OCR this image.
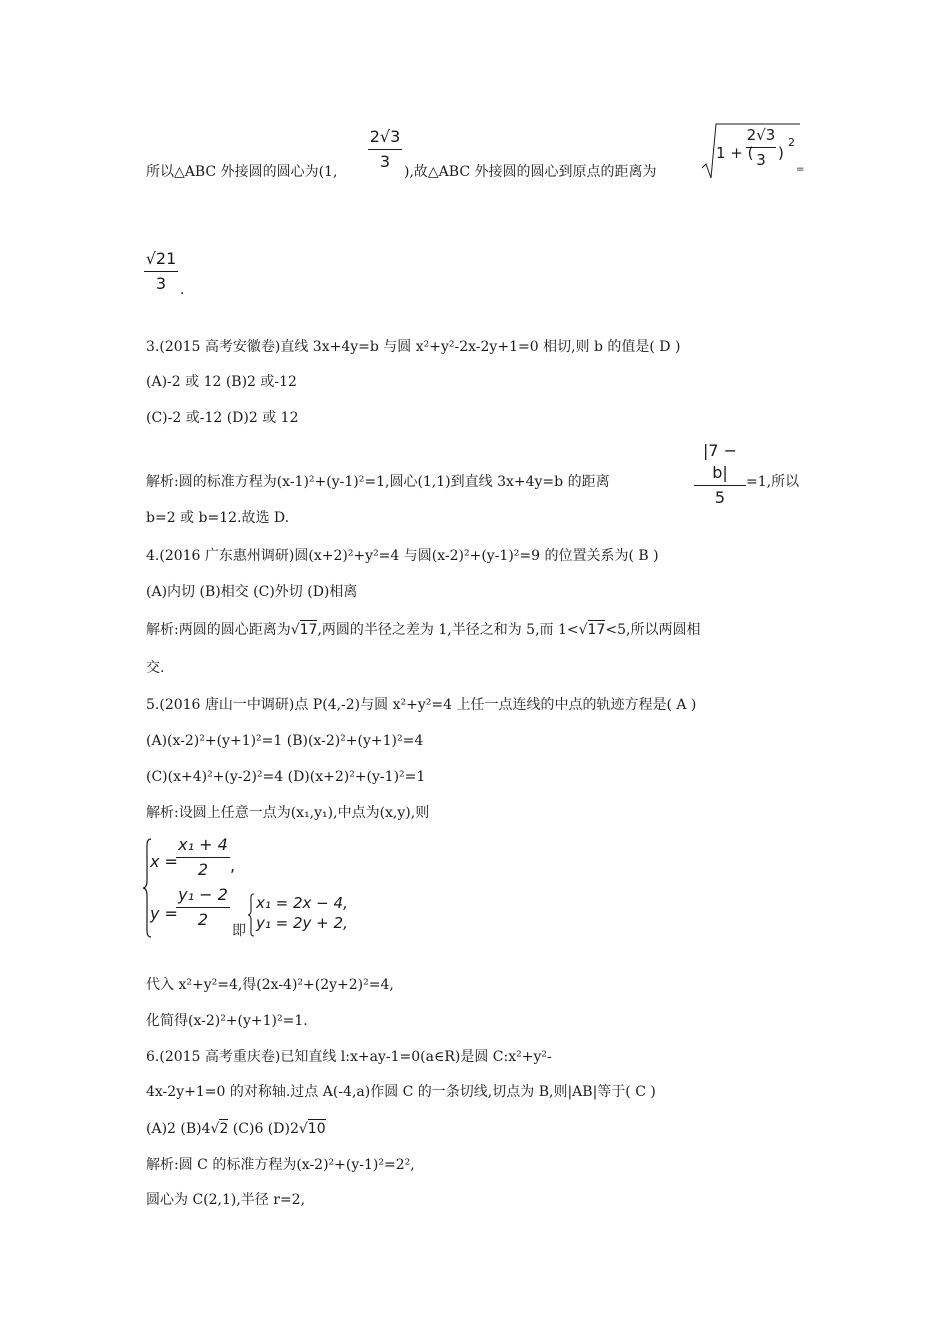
所以△ABC 外接圆的圆心为(1,
2√3
3
),故△ABC 外接圆的圆心到原点的距离为
1 + (
2√3
3 )
2
=
√21
3 .
3.(2015 高考安徽卷)直线 3x+4y=b 与圆 x²+y²-2x-2y+1=0 相切,则 b 的值是( D )
(A)-2 或 12 (B)2 或-12
(C)-2 或-12 (D)2 或 12
解析:圆的标准方程为(x-1)²+(y-1)²=1,圆心(1,1)到直线 3x+4y=b 的距离
|7 − b|
5
=1,所以
b=2 或 b=12.故选 D.
4.(2016 广东惠州调研)圆(x+2)²+y²=4 与圆(x-2)²+(y-1)²=9 的位置关系为( B )
(A)内切 (B)相交 (C)外切 (D)相离
解析:两圆的圆心距离为√17,两圆的半径之差为 1,半径之和为 5,而 1<√17<5,所以两圆相
交.
5.(2016 唐山一中调研)点 P(4,-2)与圆 x²+y²=4 上任一点连线的中点的轨迹方程是( A )
(A)(x-2)²+(y+1)²=1 (B)(x-2)²+(y+1)²=4
(C)(x+4)²+(y-2)²=4 (D)(x+2)²+(y-1)²=1
解析:设圆上任意一点为(x₁,y₁),中点为(x,y),则
x =
x₁ + 4
2	,
y =
y₁ − 2
2
即
x₁ = 2x − 4,
y₁ = 2y + 2,
代入 x²+y²=4,得(2x-4)²+(2y+2)²=4,
化简得(x-2)²+(y+1)²=1.
6.(2015 高考重庆卷)已知直线 l:x+ay-1=0(a∈R)是圆 C:x²+y²-
4x-2y+1=0 的对称轴.过点 A(-4,a)作圆 C 的一条切线,切点为 B,则|AB|等于( C )
(A)2 (B)4√2 (C)6 (D)2√10
解析:圆 C 的标准方程为(x-2)²+(y-1)²=2²,
圆心为 C(2,1),半径 r=2,
